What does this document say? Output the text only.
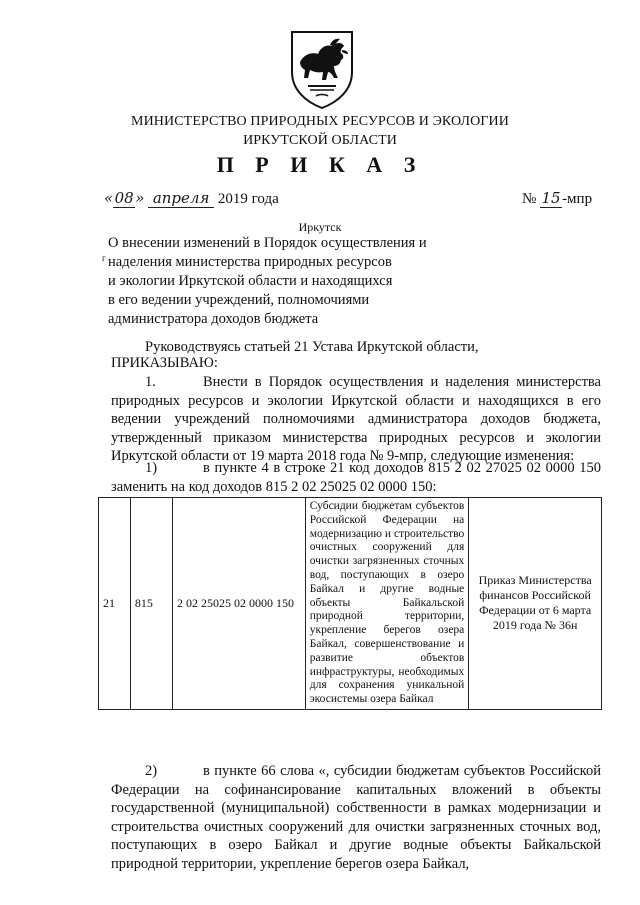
МИНИСТЕРСТВО ПРИРОДНЫХ РЕСУРСОВ И ЭКОЛОГИИ
ИРКУТСКОЙ ОБЛАСТИ
П Р И К А З
«08» апреля 2019 года	№ 15-мпр
Иркутск
г
О внесении изменений в Порядок осуществления и
наделения министерства природных ресурсов
и экологии Иркутской области и находящихся
в его ведении учреждений, полномочиями
администратора доходов бюджета
Руководствуясь статьей 21 Устава Иркутской области,
ПРИКАЗЫВАЮ:
1.	Внести в Порядок осуществления и наделения министерства природных ресурсов и экологии Иркутской области и находящихся в его ведении учреждений полномочиями администратора доходов бюджета, утвержденный приказом министерства природных ресурсов и экологии Иркутской области от 19 марта 2018 года № 9-мпр, следующие изменения:
1)	в пункте 4 в строке 21 код доходов 815 2 02 27025 02 0000 150 заменить на код доходов 815 2 02 25025 02 0000 150:
21	815	2 02 25025 02 0000 150	Субсидии бюджетам субъектов Российской Федерации на модернизацию и строительство очистных сооружений для очистки загрязненных сточных вод, поступающих в озеро Байкал и другие водные объекты Байкальской природной территории, укрепление берегов озера Байкал, совершенствование и развитие объектов инфраструктуры, необходимых для сохранения уникальной экосистемы озера Байкал	Приказ Министерства финансов Российской Федерации от 6 марта 2019 года № 36н
2)	в пункте 66 слова «, субсидии бюджетам субъектов Российской Федерации на софинансирование капитальных вложений в объекты государственной (муниципальной) собственности в рамках модернизации и строительства очистных сооружений для очистки загрязненных сточных вод, поступающих в озеро Байкал и другие водные объекты Байкальской природной территории, укрепление берегов озера Байкал,
